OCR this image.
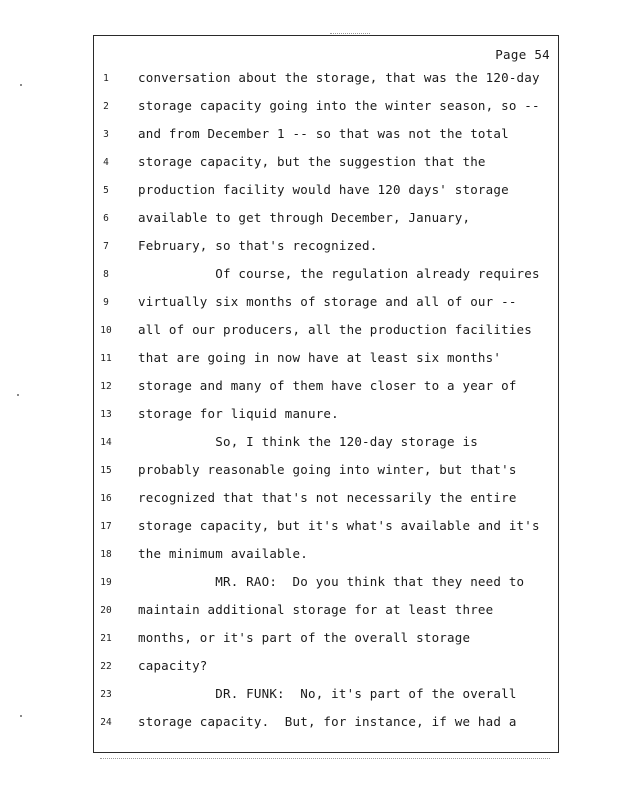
Page 54
1	conversation about the storage, that was the 120-day
2	storage capacity going into the winter season, so --
3	and from December 1 -- so that was not the total
4	storage capacity, but the suggestion that the
5	production facility would have 120 days' storage
6	available to get through December, January,
7	February, so that's recognized.
8	Of course, the regulation already requires
9	virtually six months of storage and all of our --
10	all of our producers, all the production facilities
11	that are going in now have at least six months'
12	storage and many of them have closer to a year of
13	storage for liquid manure.
14	So, I think the 120-day storage is
15	probably reasonable going into winter, but that's
16	recognized that that's not necessarily the entire
17	storage capacity, but it's what's available and it's
18	the minimum available.
19	MR. RAO:  Do you think that they need to
20	maintain additional storage for at least three
21	months, or it's part of the overall storage
22	capacity?
23	DR. FUNK:  No, it's part of the overall
24	storage capacity.  But, for instance, if we had a
